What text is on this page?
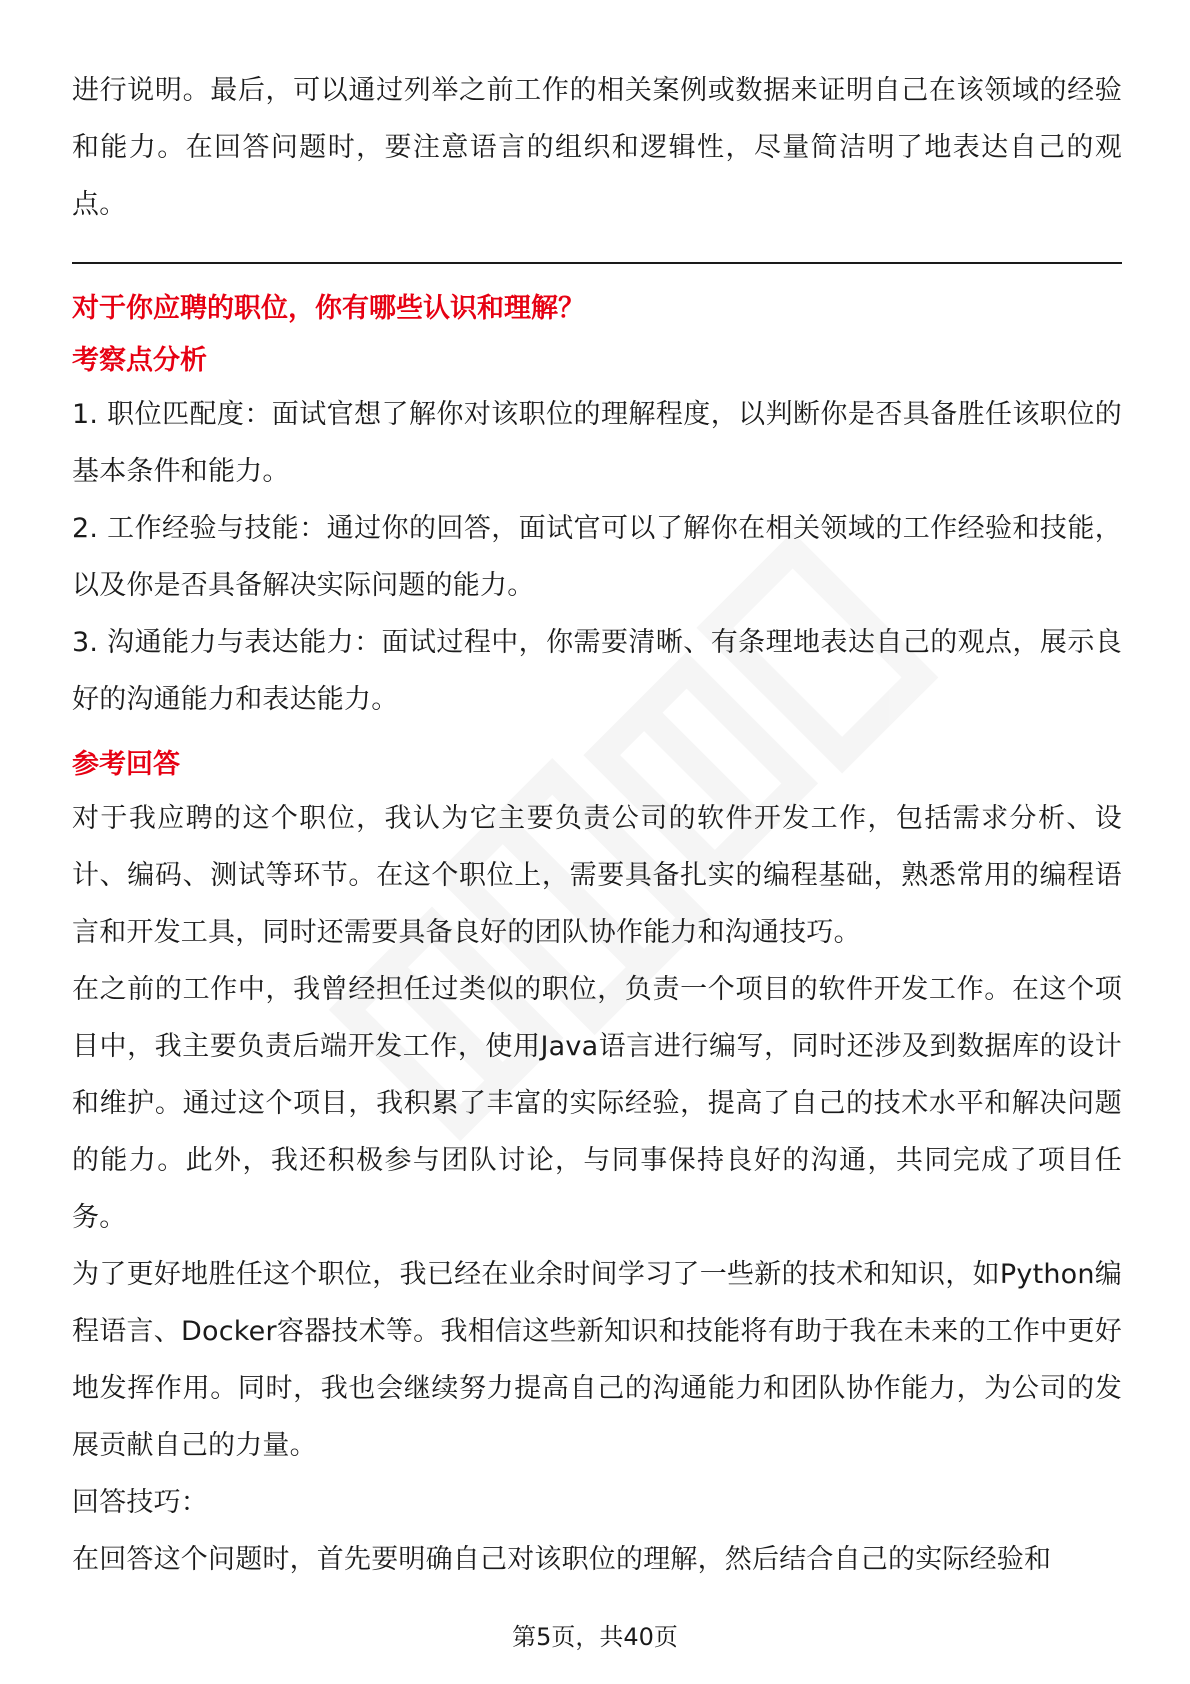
进行说明。最后，可以通过列举之前工作的相关案例或数据来证明自己在该领域的经验和能力。在回答问题时，要注意语言的组织和逻辑性，尽量简洁明了地表达自己的观点。

对于你应聘的职位，你有哪些认识和理解？

考察点分析

1. 职位匹配度：面试官想了解你对该职位的理解程度，以判断你是否具备胜任该职位的基本条件和能力。

2. 工作经验与技能：通过你的回答，面试官可以了解你在相关领域的工作经验和技能，以及你是否具备解决实际问题的能力。

3. 沟通能力与表达能力：面试过程中，你需要清晰、有条理地表达自己的观点，展示良好的沟通能力和表达能力。

参考回答

对于我应聘的这个职位，我认为它主要负责公司的软件开发工作，包括需求分析、设计、编码、测试等环节。在这个职位上，需要具备扎实的编程基础，熟悉常用的编程语言和开发工具，同时还需要具备良好的团队协作能力和沟通技巧。

在之前的工作中，我曾经担任过类似的职位，负责一个项目的软件开发工作。在这个项目中，我主要负责后端开发工作，使用Java语言进行编写，同时还涉及到数据库的设计和维护。通过这个项目，我积累了丰富的实际经验，提高了自己的技术水平和解决问题的能力。此外，我还积极参与团队讨论，与同事保持良好的沟通，共同完成了项目任务。

为了更好地胜任这个职位，我已经在业余时间学习了一些新的技术和知识，如Python编程语言、Docker容器技术等。我相信这些新知识和技能将有助于我在未来的工作中更好地发挥作用。同时，我也会继续努力提高自己的沟通能力和团队协作能力，为公司的发展贡献自己的力量。

回答技巧：

在回答这个问题时，首先要明确自己对该职位的理解，然后结合自己的实际经验和

第5页，共40页
